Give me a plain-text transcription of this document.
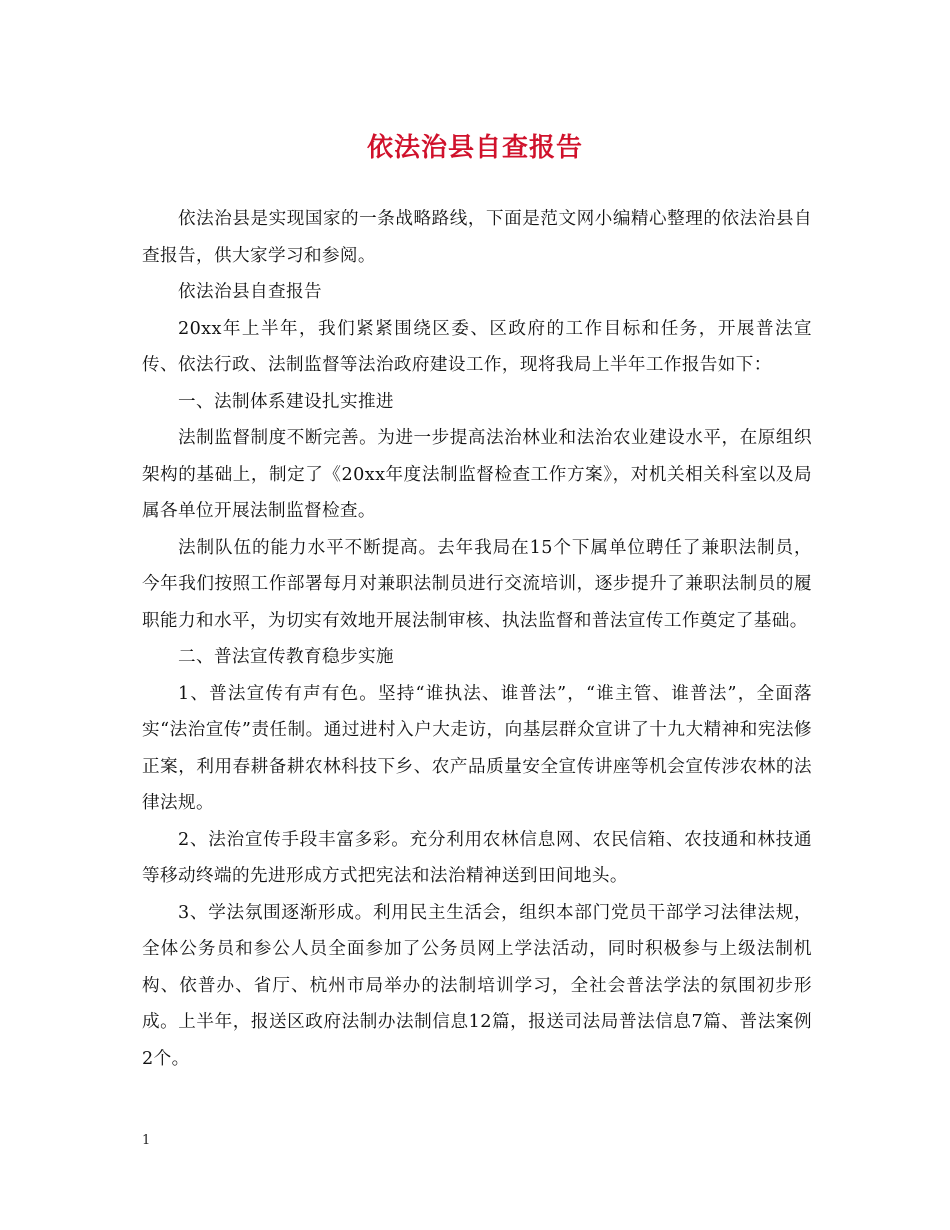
依法治县自查报告

依法治县是实现国家的一条战略路线，下面是范文网小编精心整理的依法治县自查报告，供大家学习和参阅。

依法治县自查报告

20xx年上半年，我们紧紧围绕区委、区政府的工作目标和任务，开展普法宣传、依法行政、法制监督等法治政府建设工作，现将我局上半年工作报告如下：

一、法制体系建设扎实推进

法制监督制度不断完善。为进一步提高法治林业和法治农业建设水平，在原组织架构的基础上，制定了《20xx年度法制监督检查工作方案》，对机关相关科室以及局属各单位开展法制监督检查。

法制队伍的能力水平不断提高。去年我局在15个下属单位聘任了兼职法制员，今年我们按照工作部署每月对兼职法制员进行交流培训，逐步提升了兼职法制员的履职能力和水平，为切实有效地开展法制审核、执法监督和普法宣传工作奠定了基础。

二、普法宣传教育稳步实施

1、普法宣传有声有色。坚持“谁执法、谁普法”，“谁主管、谁普法”，全面落实“法治宣传”责任制。通过进村入户大走访，向基层群众宣讲了十九大精神和宪法修正案，利用春耕备耕农林科技下乡、农产品质量安全宣传讲座等机会宣传涉农林的法律法规。

2、法治宣传手段丰富多彩。充分利用农林信息网、农民信箱、农技通和林技通等移动终端的先进形成方式把宪法和法治精神送到田间地头。

3、学法氛围逐渐形成。利用民主生活会，组织本部门党员干部学习法律法规，全体公务员和参公人员全面参加了公务员网上学法活动，同时积极参与上级法制机构、依普办、省厅、杭州市局举办的法制培训学习，全社会普法学法的氛围初步形成。上半年，报送区政府法制办法制信息12篇，报送司法局普法信息7篇、普法案例2个。

1
